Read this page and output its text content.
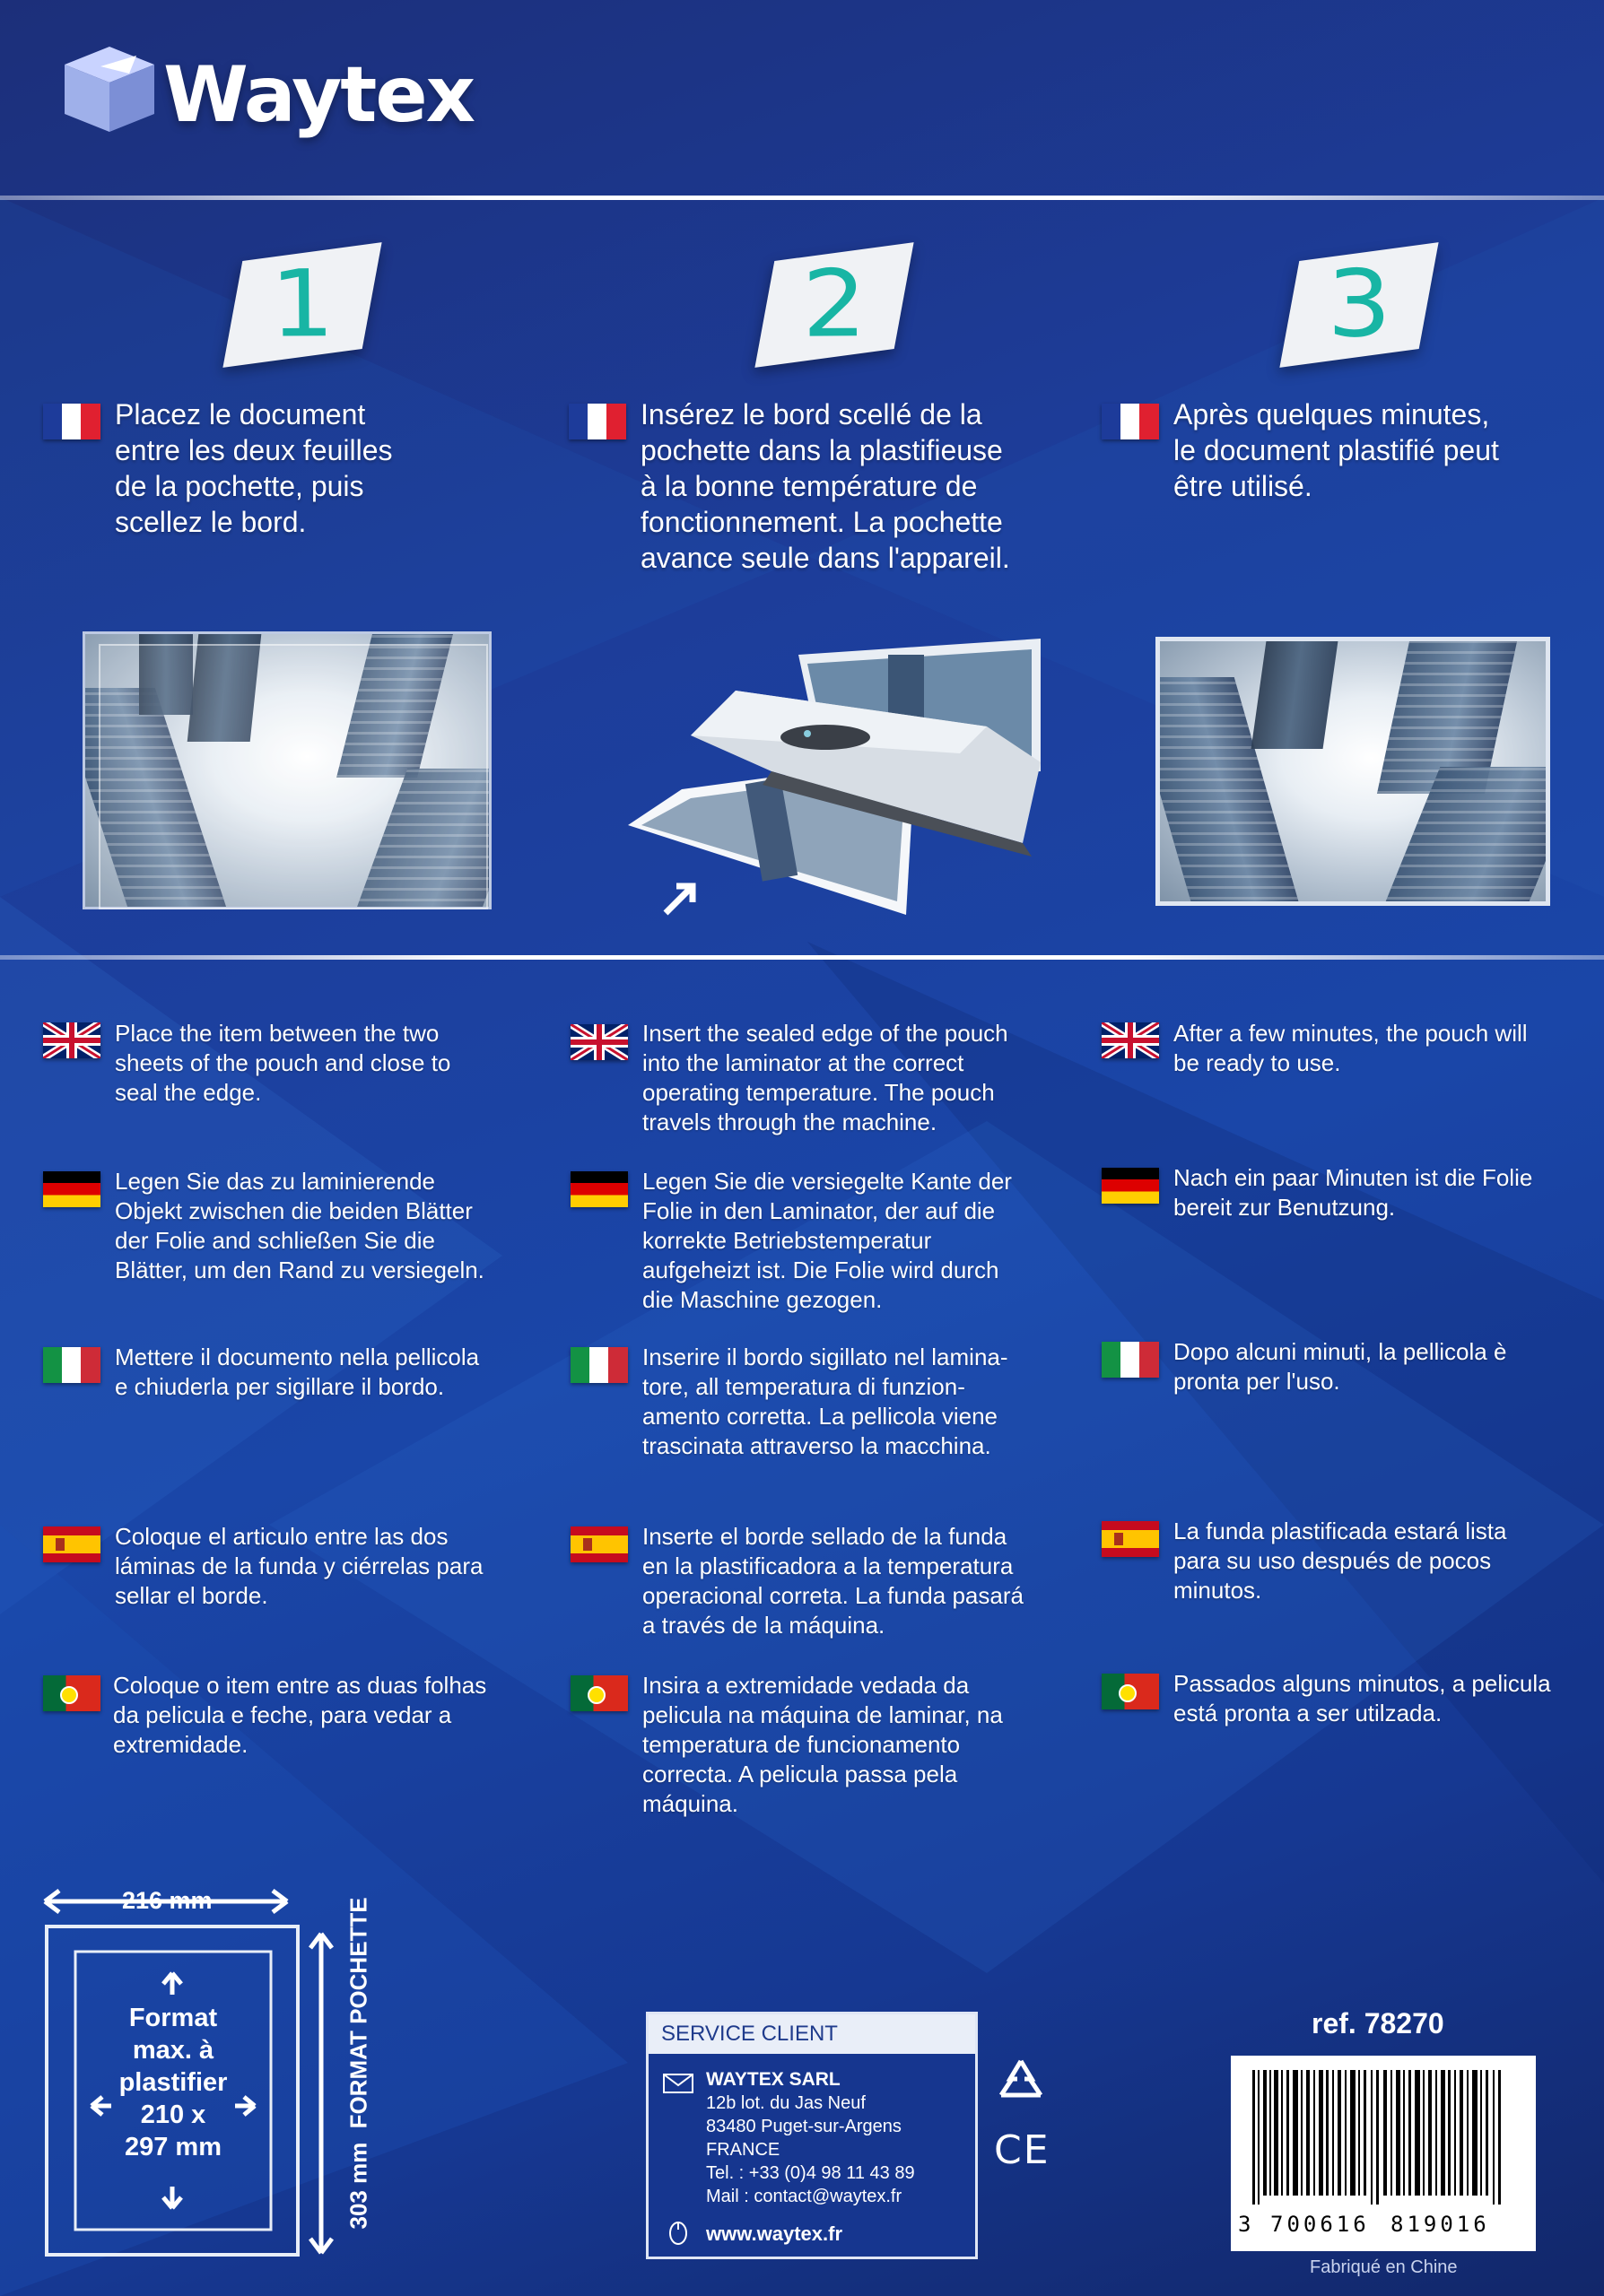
Waytex
1	2	3
Placez le document
entre les deux feuilles
de la pochette, puis
scellez le bord.
Insérez le bord scellé de la
pochette dans la plastifieuse
à la bonne température de
fonctionnement. La pochette
avance seule dans l'appareil.
Après quelques minutes,
le document plastifié peut
être utilisé.
Place the item between the two
sheets of the pouch and close to
seal the edge.
Insert the sealed edge of the pouch
into the laminator at the correct
operating temperature. The pouch
travels through the machine.
After a few minutes, the pouch will
be ready to use.
Legen Sie das zu laminierende
Objekt zwischen die beiden Blätter
der Folie and schließen Sie die
Blätter, um den Rand zu versiegeln.
Legen Sie die versiegelte Kante der
Folie in den Laminator, der auf die
korrekte Betriebstemperatur
aufgeheizt ist. Die Folie wird durch
die Maschine gezogen.
Nach ein paar Minuten ist die Folie
bereit zur Benutzung.
Mettere il documento nella pellicola
e chiuderla per sigillare il bordo.
Inserire il bordo sigillato nel lamina-
tore, all temperatura di funzion-
amento corretta. La pellicola viene
trascinata attraverso la macchina.
Dopo alcuni minuti, la pellicola è
pronta per l'uso.
Coloque el articulo entre las dos
láminas de la funda y ciérrelas para
sellar el borde.
Inserte el borde sellado de la funda
en la plastificadora a la temperatura
operacional correta. La funda pasará
a través de la máquina.
La funda plastificada estará lista
para su uso después de pocos
minutos.
Coloque o item entre as duas folhas
da pelicula e feche, para vedar a
extremidade.
Insira a extremidade vedada da
pelicula na máquina de laminar, na
temperatura de funcionamento
correcta. A pelicula passa pela
máquina.
Passados alguns minutos, a pelicula
está pronta a ser utilzada.
216 mm
Format
max. à
plastifier
210 x
297 mm	303 mm FORMAT POCHETTE	SERVICE CLIENT
WAYTEX SARL
12b lot. du Jas Neuf
83480 Puget-sur-Argens
FRANCE
Tel. : +33 (0)4 98 11 43 89
Mail : contact@waytex.fr
www.waytex.fr
CE
ref. 78270
3 700616 819016
Fabriqué en Chine
